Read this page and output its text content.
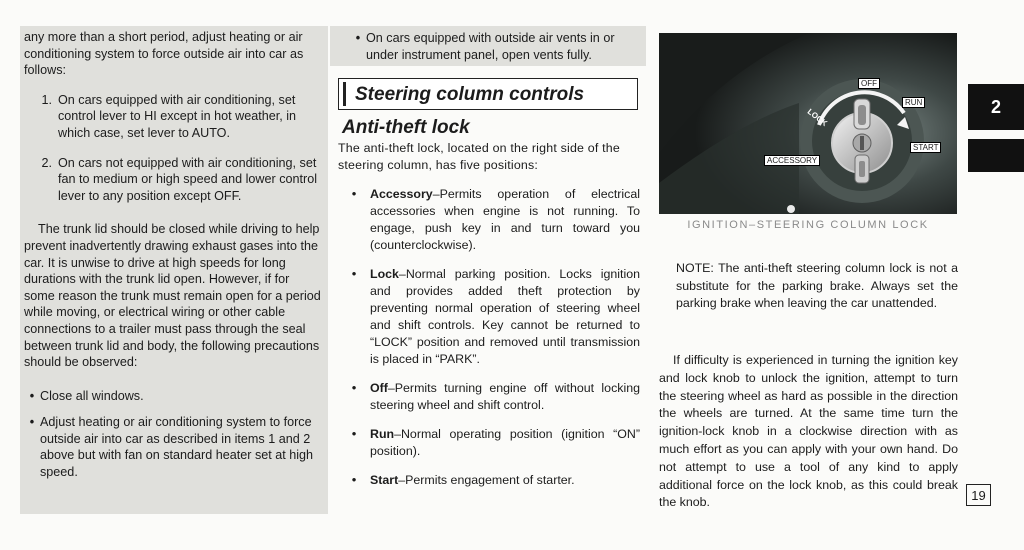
any more than a short period, adjust heating or air conditioning system to force outside air into car as follows:

1. On cars equipped with air conditioning, set control lever to HI except in hot weather, in which case, set lever to AUTO.
2. On cars not equipped with air conditioning, set fan to medium or high speed and lower control lever to any position except OFF.

The trunk lid should be closed while driving to help prevent inadvertently drawing exhaust gases into the car. It is unwise to drive at high speeds for long durations with the trunk lid open. However, if for some reason the trunk must remain open for a period while moving, or electrical wiring or other cable connections to a trailer must pass through the seal between trunk lid and body, the following precautions should be observed:

• Close all windows.
• Adjust heating or air conditioning system to force outside air into car as described in items 1 and 2 above but with fan on standard heater set at high speed.
• On cars equipped with outside air vents in or under instrument panel, open vents fully.
Steering column controls
Anti-theft lock

The anti-theft lock, located on the right side of the steering column, has five positions:

•	Accessory–Permits operation of electrical accessories when engine is not running. To engage, push key in and turn toward you (counterclockwise).
•	Lock–Normal parking position. Locks ignition and provides added theft protection by preventing normal operation of steering wheel and shift controls. Key cannot be returned to “LOCK” position and removed until transmission is placed in “PARK”.
•	Off–Permits turning engine off without locking steering wheel and shift control.
•	Run–Normal operating position (ignition “ON” position).
•	Start–Permits engagement of starter.
OFF
RUN
LOCK
ACCESSORY
START
IGNITION–STEERING COLUMN LOCK

NOTE: The anti-theft steering column lock is not a substitute for the parking brake. Always set the parking brake when leaving the car unattended.

If difficulty is experienced in turning the ignition key and lock knob to unlock the ignition, attempt to turn the steering wheel as hard as possible in the direction the wheels are turned. At the same time turn the ignition-lock knob in a clockwise direction with as much effort as you can apply with your own hand. Do not attempt to use a tool of any kind to apply additional force on the lock knob, as this could break the knob.

2
19
